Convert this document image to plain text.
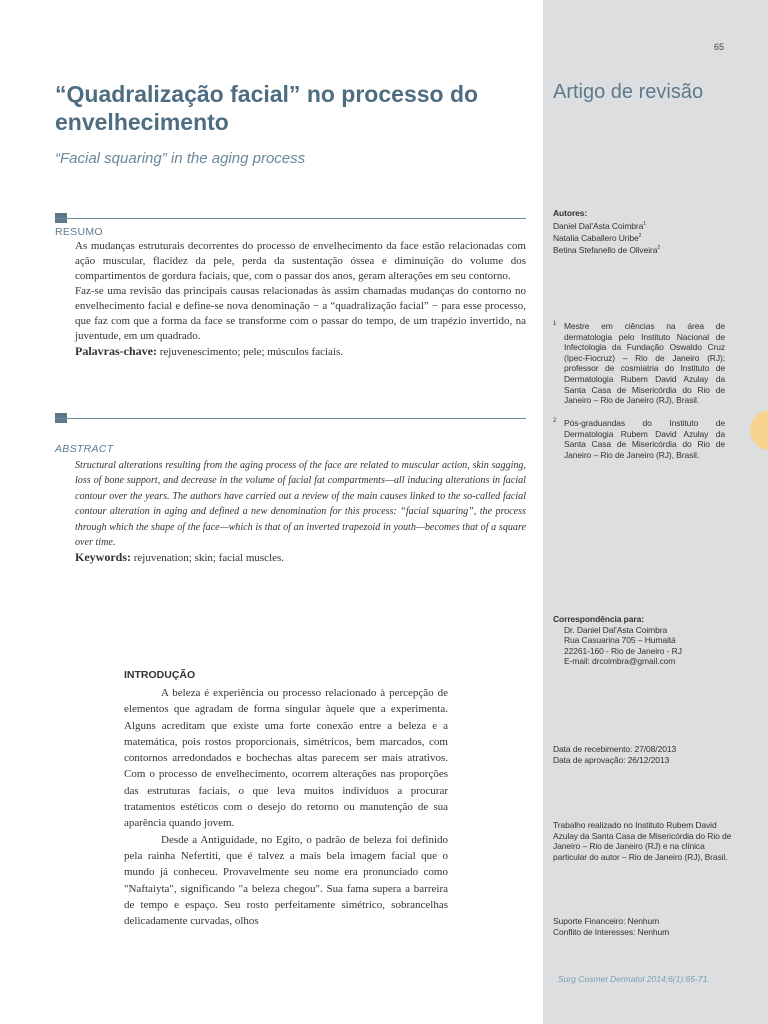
65
Artigo de revisão
Autores:
Daniel Dal’Asta Coimbra$^1$
Natalia Caballero Uribe$^2$
Betina Stefanello de Oliveira$^2$
1 Mestre em ciências na área de dermatologia pelo Instituto Nacional de Infectologia da Fundação Oswaldo Cruz (Ipec-Fiocruz) – Rio de Janeiro (RJ); professor de cosmiatria do Instituto de Dermatologia Rubem David Azulay da Santa Casa de Misericórdia do Rio de Janeiro – Rio de Janeiro (RJ), Brasil.
2 Pós-graduandas do Instituto de Dermatologia Rubem David Azulay da Santa Casa de Misericórdia do Rio de Janeiro – Rio de Janeiro (RJ), Brasil.
Correspondência para:
Dr. Daniel Dal’Asta Coimbra
Rua Casuarina 705 – Humaitá
22261-160 - Rio de Janeiro - RJ
E-mail: drcoimbra@gmail.com
Data de recebimento: 27/08/2013
Data de aprovação: 26/12/2013
Trabalho realizado no Instituto Rubem David Azulay da Santa Casa de Misericórdia do Rio de Janeiro – Rio de Janeiro (RJ) e na clínica particular do autor – Rio de Janeiro (RJ), Brasil.
Suporte Financeiro: Nenhum
Conflito de Interesses: Nenhum
Surg Cosmet Dermatol 2014;6(1):65-71.
“Quadralização facial” no processo do envelhecimento
“Facial squaring” in the aging process
RESUMO

As mudanças estruturais decorrentes do processo de envelhecimento da face estão relacionadas com ação muscular, flacidez da pele, perda da sustentação óssea e diminuição do volume dos compartimentos de gordura faciais, que, com o passar dos anos, geram alterações em seu contorno.

Faz-se uma revisão das principais causas relacionadas às assim chamadas mudanças do contorno no envelhecimento facial e define-se nova denominação − a “quadralização facial” − para esse processo, que faz com que a forma da face se transforme com o passar do tempo, de um trapézio invertido, na juventude, em um quadrado.

Palavras-chave: rejuvenescimento; pele; músculos faciais.

ABSTRACT

Structural alterations resulting from the aging process of the face are related to muscular action, skin sagging, loss of bone support, and decrease in the volume of facial fat compartments—all inducing alterations in facial contour over the years. The authors have carried out a review of the main causes linked to the so-called facial contour alteration in aging and defined a new denomination for this process: “facial squaring”, the process through which the shape of the face—which is that of an inverted trapezoid in youth—becomes that of a square over time.

Keywords: rejuvenation; skin; facial muscles.

INTRODUÇÃO

A beleza é experiência ou processo relacionado à percepção de elementos que agradam de forma singular àquele que a experimenta. Alguns acreditam que existe uma forte conexão entre a beleza e a matemática, pois rostos proporcionais, simétricos, bem marcados, com contornos arredondados e bochechas altas parecem ser mais atrativos. Com o processo de envelhecimento, ocorrem alterações nas proporções das estruturas faciais, o que leva muitos indivíduos a procurar tratamentos estéticos com o desejo do retorno ou manutenção de sua aparência quando jovem.

Desde a Antiguidade, no Egito, o padrão de beleza foi definido pela rainha Nefertiti, que é talvez a mais bela imagem facial que o mundo já conheceu. Provavelmente seu nome era pronunciado como "Naftaiyta", significando "a beleza chegou". Sua fama supera a barreira de tempo e espaço. Seu rosto perfeitamente simétrico, sobrancelhas delicadamente curvadas, olhos
